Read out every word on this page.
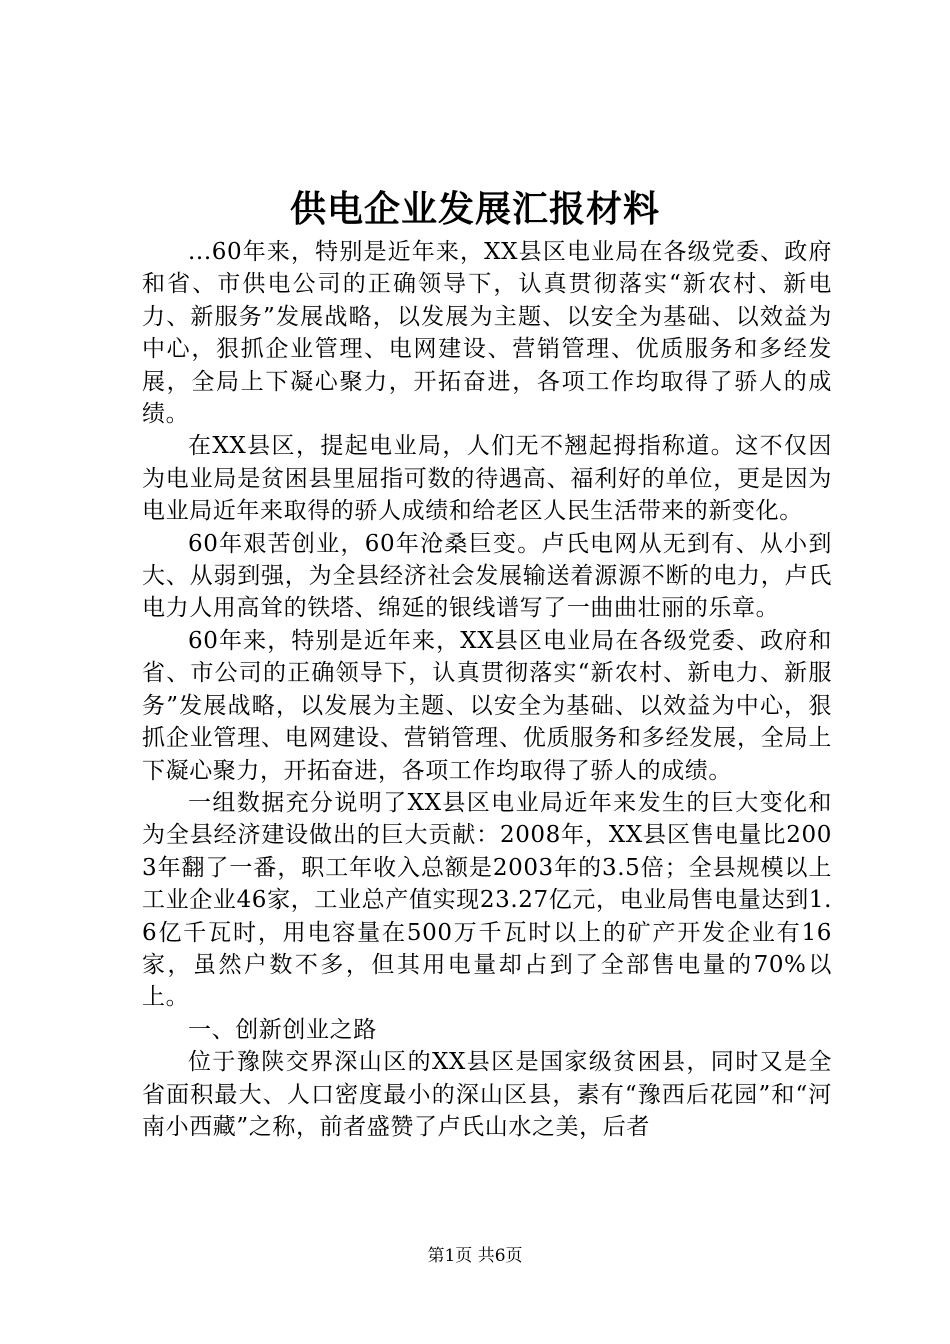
供电企业发展汇报材料

...60年来，特别是近年来，XX县区电业局在各级党委、政府和省、市供电公司的正确领导下，认真贯彻落实“新农村、新电力、新服务”发展战略，以发展为主题、以安全为基础、以效益为中心，狠抓企业管理、电网建设、营销管理、优质服务和多经发展，全局上下凝心聚力，开拓奋进，各项工作均取得了骄人的成绩。

在XX县区，提起电业局，人们无不翘起拇指称道。这不仅因为电业局是贫困县里屈指可数的待遇高、福利好的单位，更是因为电业局近年来取得的骄人成绩和给老区人民生活带来的新变化。

60年艰苦创业，60年沧桑巨变。卢氏电网从无到有、从小到大、从弱到强，为全县经济社会发展输送着源源不断的电力，卢氏电力人用高耸的铁塔、绵延的银线谱写了一曲曲壮丽的乐章。

60年来，特别是近年来，XX县区电业局在各级党委、政府和省、市公司的正确领导下，认真贯彻落实“新农村、新电力、新服务”发展战略，以发展为主题、以安全为基础、以效益为中心，狠抓企业管理、电网建设、营销管理、优质服务和多经发展，全局上下凝心聚力，开拓奋进，各项工作均取得了骄人的成绩。

一组数据充分说明了XX县区电业局近年来发生的巨大变化和为全县经济建设做出的巨大贡献：2008年，XX县区售电量比2003年翻了一番，职工年收入总额是2003年的3.5倍；全县规模以上工业企业46家，工业总产值实现23.27亿元，电业局售电量达到1.6亿千瓦时，用电容量在500万千瓦时以上的矿产开发企业有16家，虽然户数不多，但其用电量却占到了全部售电量的70%以上。

一、创新创业之路

位于豫陕交界深山区的XX县区是国家级贫困县，同时又是全省面积最大、人口密度最小的深山区县，素有“豫西后花园”和“河南小西藏”之称，前者盛赞了卢氏山水之美，后者

第1页 共6页
